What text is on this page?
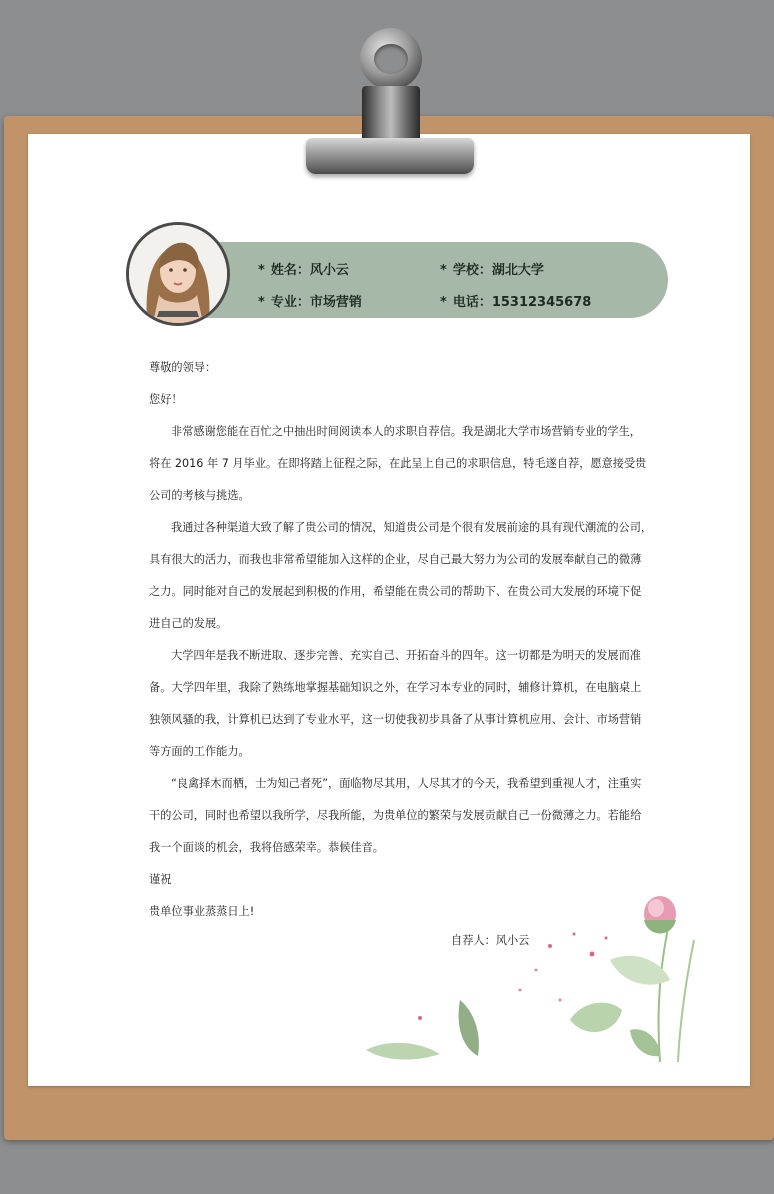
* 姓名：风小云	* 学校：湖北大学
* 专业：市场营销	* 电话：15312345678
尊敬的领导：
您好！
非常感谢您能在百忙之中抽出时间阅读本人的求职自荐信。我是湖北大学市场营销专业的学生，
将在 2016 年 7 月毕业。在即将踏上征程之际，在此呈上自己的求职信息，特毛遂自荐，愿意接受贵
公司的考核与挑选。
我通过各种渠道大致了解了贵公司的情况，知道贵公司是个很有发展前途的具有现代潮流的公司，
具有很大的活力，而我也非常希望能加入这样的企业，尽自己最大努力为公司的发展奉献自己的微薄
之力。同时能对自己的发展起到积极的作用，希望能在贵公司的帮助下、在贵公司大发展的环境下促
进自己的发展。
大学四年是我不断进取、逐步完善、充实自己、开拓奋斗的四年。这一切都是为明天的发展而准
备。大学四年里，我除了熟练地掌握基础知识之外，在学习本专业的同时，辅修计算机，在电脑桌上
独领风骚的我，计算机已达到了专业水平，这一切使我初步具备了从事计算机应用、会计、市场营销
等方面的工作能力。
“良禽择木而栖，士为知己者死”，面临物尽其用，人尽其才的今天，我希望到重视人才，注重实
干的公司，同时也希望以我所学，尽我所能，为贵单位的繁荣与发展贡献自己一份微薄之力。若能给
我一个面谈的机会，我将倍感荣幸。恭候佳音。
谨祝
贵单位事业蒸蒸日上!
自荐人：风小云
